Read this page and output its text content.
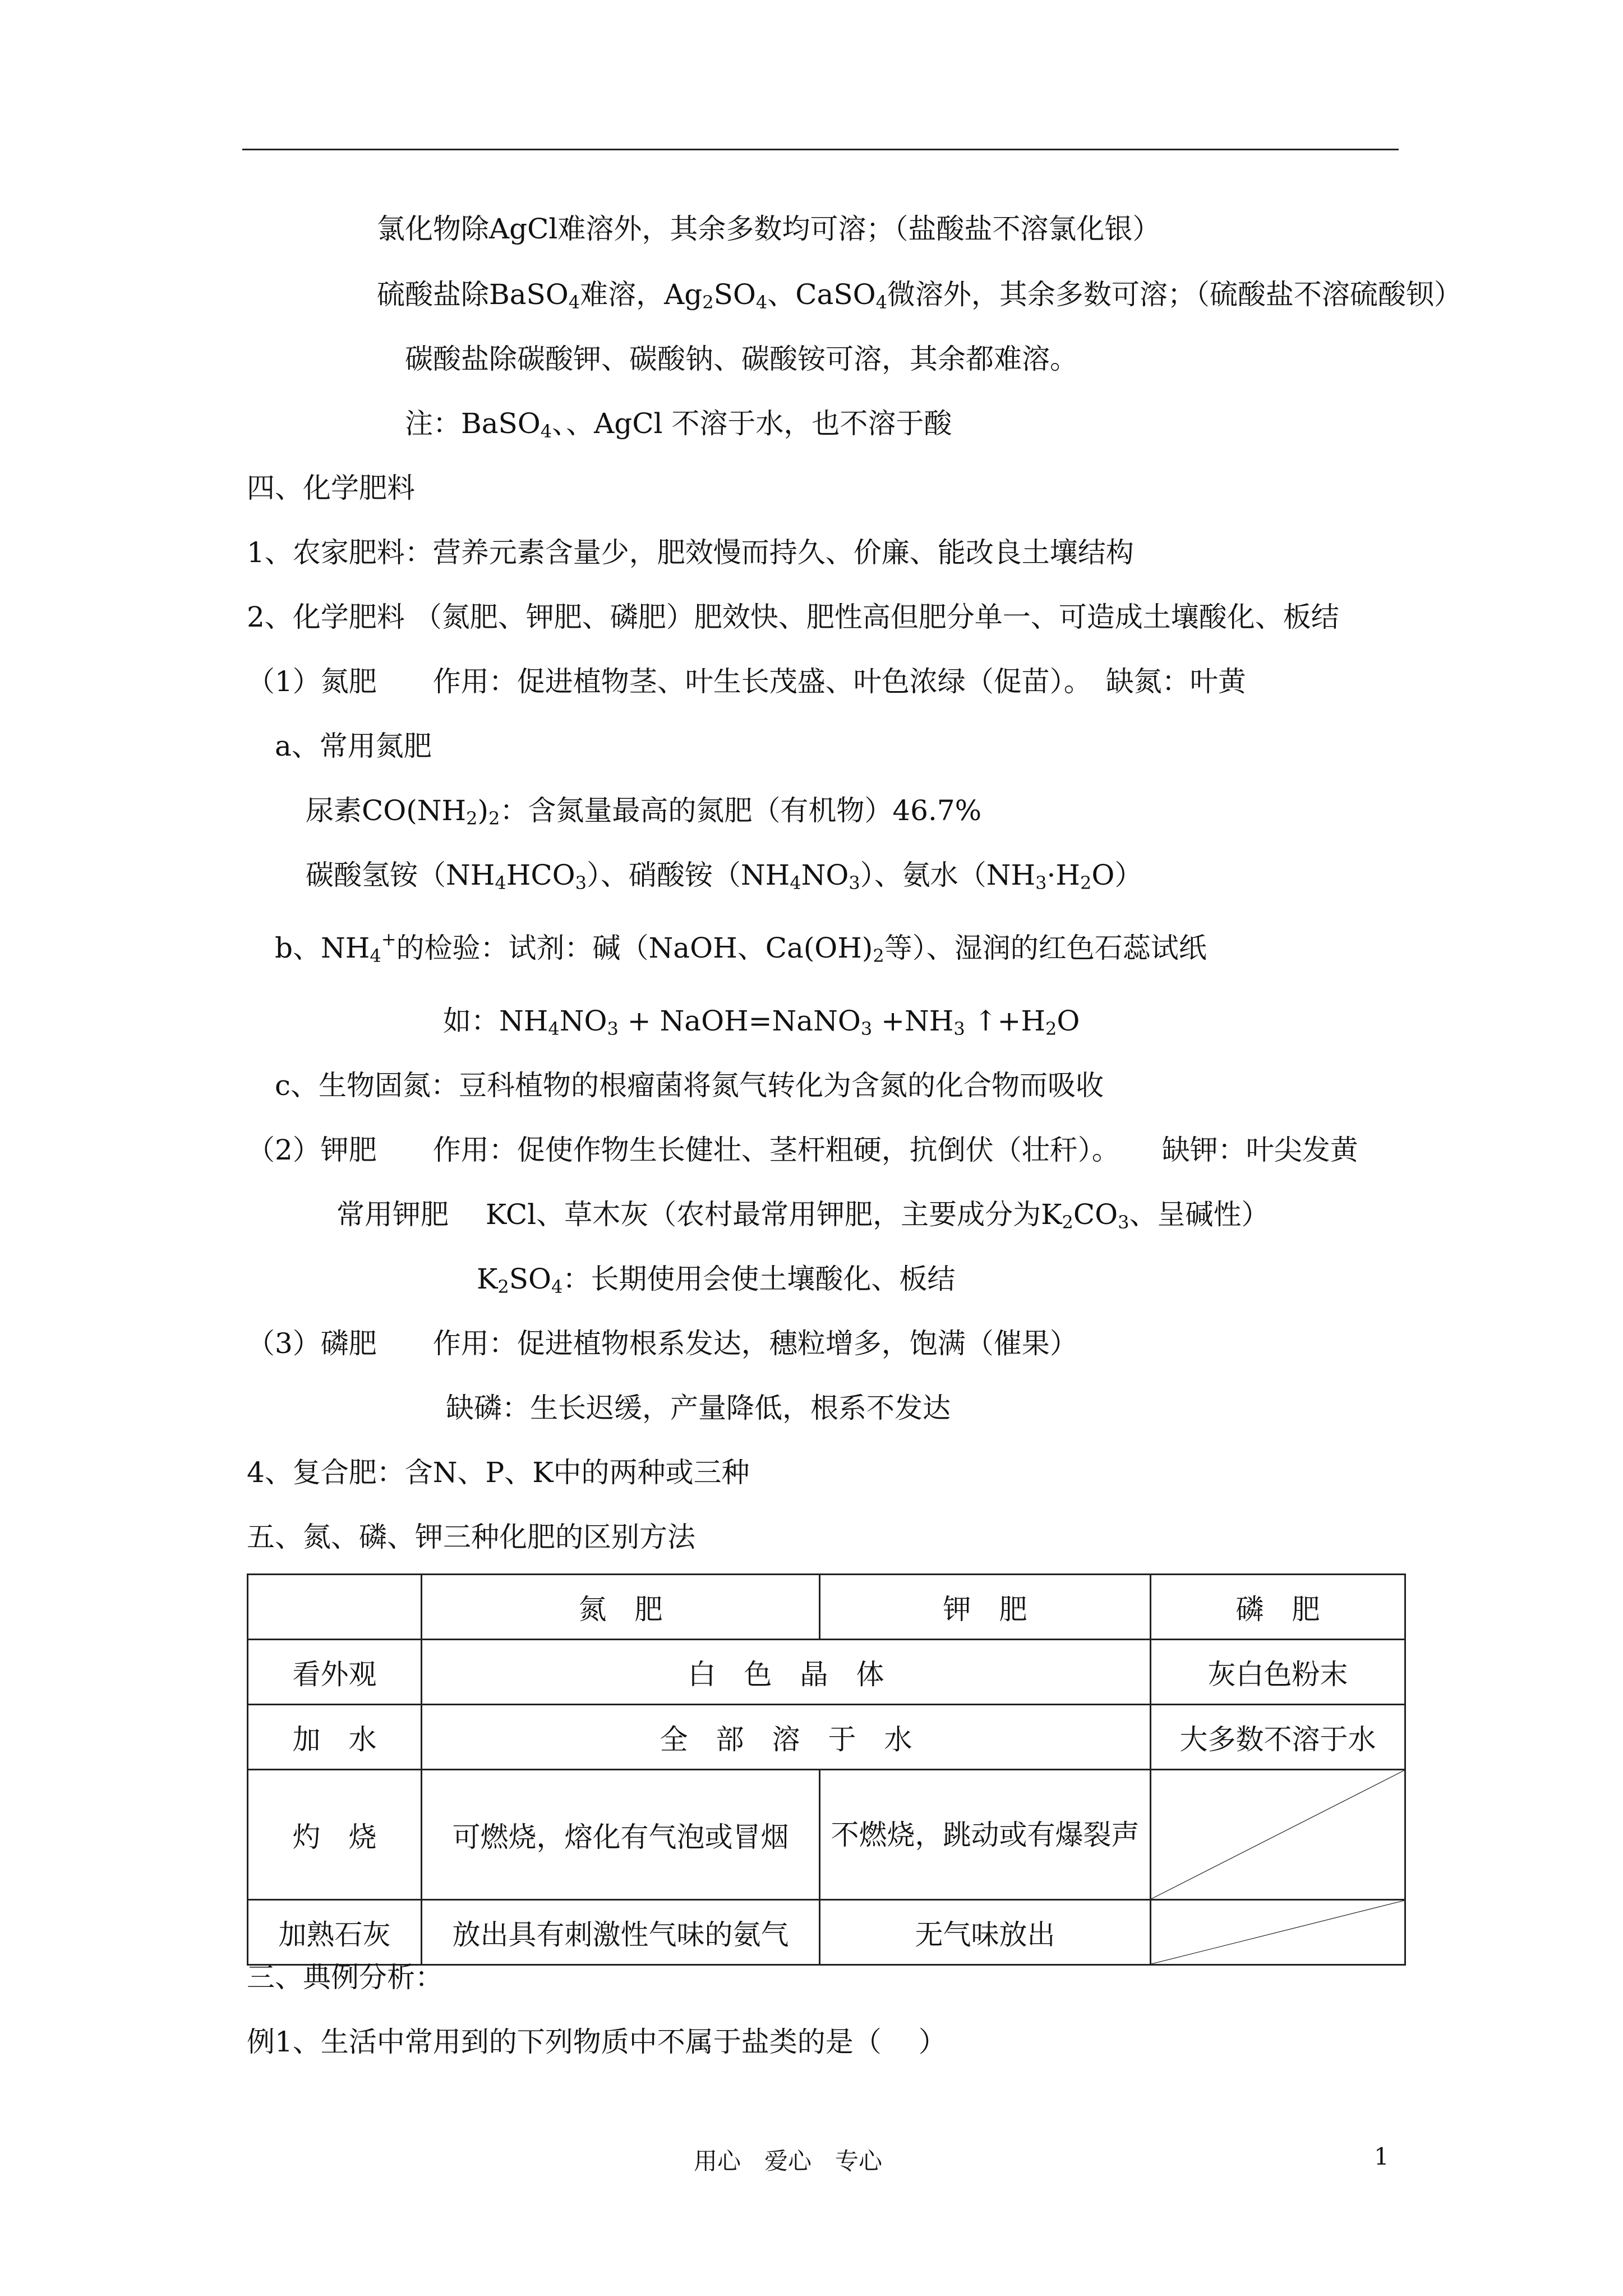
氯化物除AgCl难溶外，其余多数均可溶；（盐酸盐不溶氯化银）
硫酸盐除BaSO$_4$难溶，$Ag_2SO_4$、CaSO$_4$微溶外，其余多数可溶；（硫酸盐不溶硫酸钡）
碳酸盐除碳酸钾、碳酸钠、碳酸铵可溶，其余都难溶。
注：BaSO$_4$、、AgCl 不溶于水，也不溶于酸
四、化学肥料
1、农家肥料：营养元素含量少，肥效慢而持久、价廉、能改良土壤结构
2、化学肥料 （氮肥、钾肥、磷肥）肥效快、肥性高但肥分单一、可造成土壤酸化、板结
（1）氮肥　　作用：促进植物茎、叶生长茂盛、叶色浓绿（促苗）。　缺氮：叶黄
a、常用氮肥
尿素$CO(NH_2)_2$：含氮量最高的氮肥（有机物）46.7%
碳酸氢铵$(NH_4HCO_3)$、硝酸铵$(NH_4NO_3)$、氨水$(NH_3\cdot H_2O)$
b、$NH_4^+$的检验：试剂：碱（NaOH、$Ca(OH)_2$等）、湿润的红色石蕊试纸
如：$NH_4NO_3$ + NaOH=NaNO$_3$ $+NH_3$ $↑+H_2O$
c、生物固氮：豆科植物的根瘤菌将氮气转化为含氮的化合物而吸收
（2）钾肥　　作用：促使作物生长健壮、茎杆粗硬，抗倒伏（壮秆）。　　缺钾：叶尖发黄
常用钾肥　 KCl、草木灰（农村最常用钾肥，主要成分为$K_2CO_3$、呈碱性）
$K_2SO_4$：长期使用会使土壤酸化、板结
（3）磷肥　　作用：促进植物根系发达，穗粒增多，饱满（催果）
缺磷：生长迟缓，产量降低，根系不发达
4、复合肥：含N、P、K中的两种或三种
五、氮、磷、钾三种化肥的区别方法
	氮　肥	钾　肥	磷　肥
看外观	白　色　晶　体		灰白色粉末
加　水	全　部　溶　于　水		大多数不溶于水
灼　烧	可燃烧，熔化有气泡或冒烟	不燃烧，跳动或有爆裂声	

加熟石灰	放出具有刺激性气味的氨气	无气味放出	
三、典例分析：
例1、生活中常用到的下列物质中不属于盐类的是（　 ）
用心　爱心　专心	1
